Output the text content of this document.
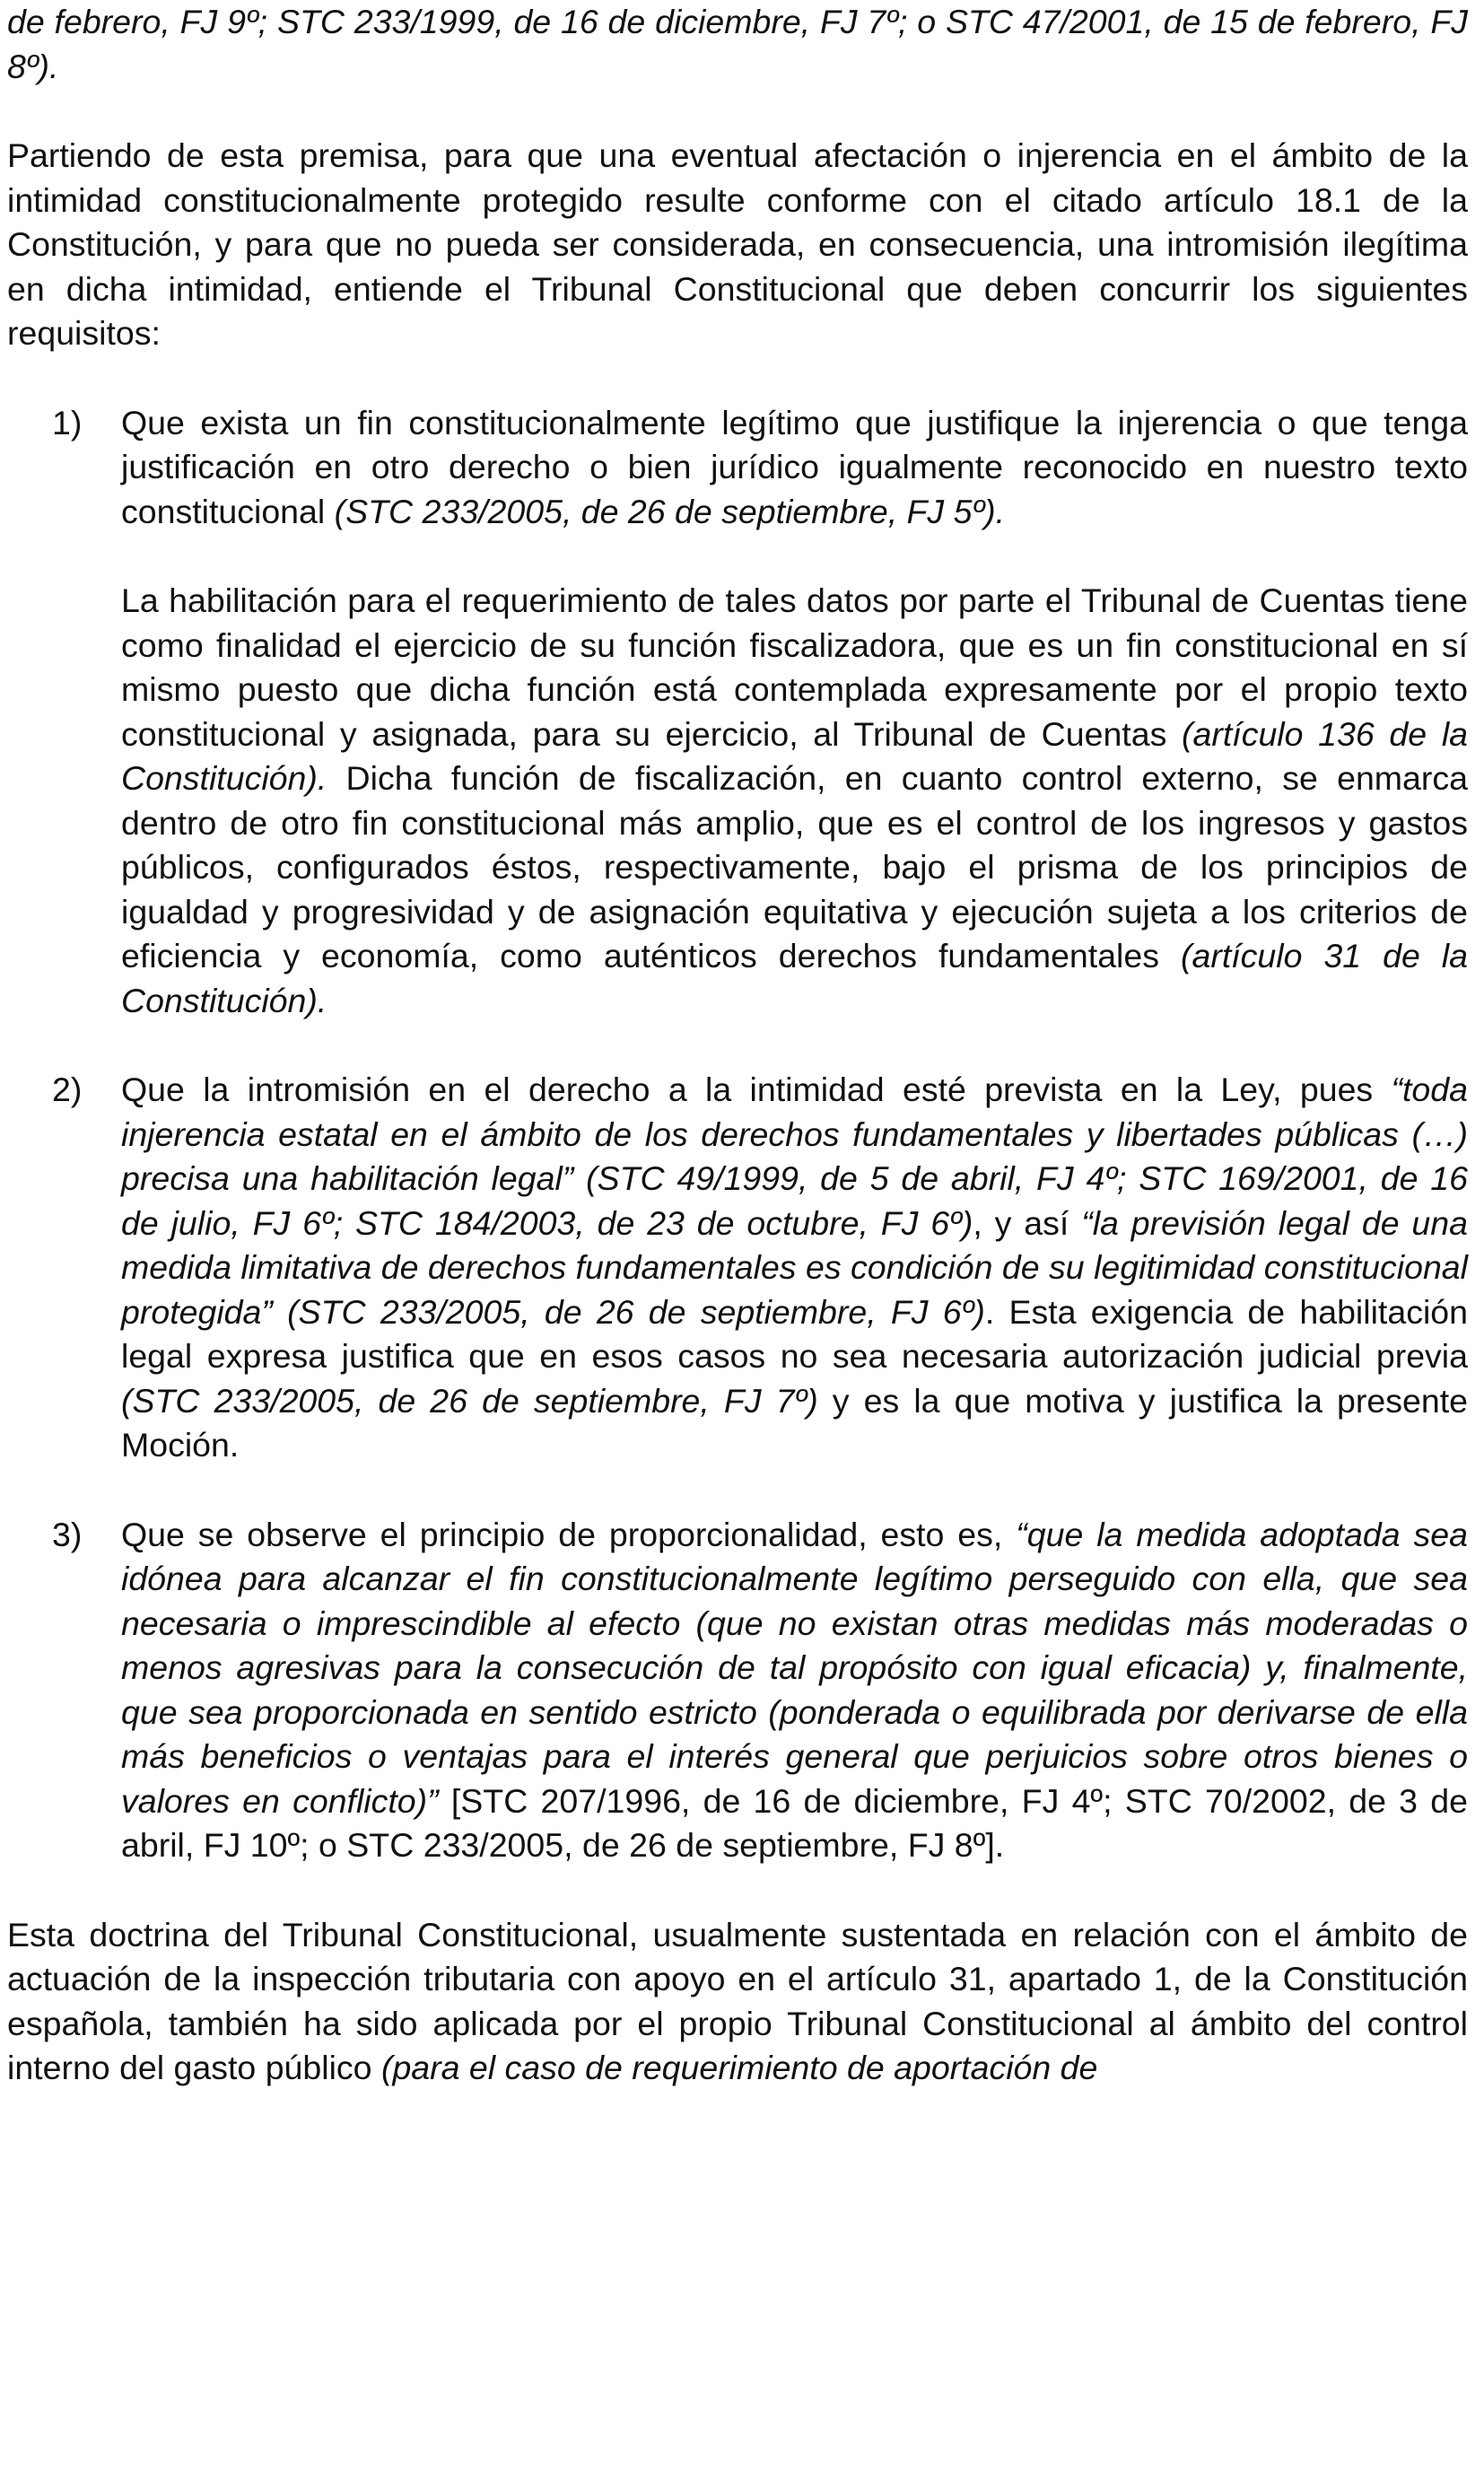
de febrero, FJ 9º; STC 233/1999, de 16 de diciembre, FJ 7º; o STC 47/2001, de 15 de febrero, FJ 8º).

Partiendo de esta premisa, para que una eventual afectación o injerencia en el ámbito de la intimidad constitucionalmente protegido resulte conforme con el citado artículo 18.1 de la Constitución, y para que no pueda ser considerada, en consecuencia, una intromisión ilegítima en dicha intimidad, entiende el Tribunal Constitucional que deben concurrir los siguientes requisitos:

1) Que exista un fin constitucionalmente legítimo que justifique la injerencia o que tenga justificación en otro derecho o bien jurídico igualmente reconocido en nuestro texto constitucional (STC 233/2005, de 26 de septiembre, FJ 5º).

La habilitación para el requerimiento de tales datos por parte el Tribunal de Cuentas tiene como finalidad el ejercicio de su función fiscalizadora, que es un fin constitucional en sí mismo puesto que dicha función está contemplada expresamente por el propio texto constitucional y asignada, para su ejercicio, al Tribunal de Cuentas (artículo 136 de la Constitución). Dicha función de fiscalización, en cuanto control externo, se enmarca dentro de otro fin constitucional más amplio, que es el control de los ingresos y gastos públicos, configurados éstos, respectivamente, bajo el prisma de los principios de igualdad y progresividad y de asignación equitativa y ejecución sujeta a los criterios de eficiencia y economía, como auténticos derechos fundamentales (artículo 31 de la Constitución).

2) Que la intromisión en el derecho a la intimidad esté prevista en la Ley, pues “toda injerencia estatal en el ámbito de los derechos fundamentales y libertades públicas (…) precisa una habilitación legal” (STC 49/1999, de 5 de abril, FJ 4º; STC 169/2001, de 16 de julio, FJ 6º; STC 184/2003, de 23 de octubre, FJ 6º), y así “la previsión legal de una medida limitativa de derechos fundamentales es condición de su legitimidad constitucional protegida” (STC 233/2005, de 26 de septiembre, FJ 6º). Esta exigencia de habilitación legal expresa justifica que en esos casos no sea necesaria autorización judicial previa (STC 233/2005, de 26 de septiembre, FJ 7º) y es la que motiva y justifica la presente Moción.

3) Que se observe el principio de proporcionalidad, esto es, “que la medida adoptada sea idónea para alcanzar el fin constitucionalmente legítimo perseguido con ella, que sea necesaria o imprescindible al efecto (que no existan otras medidas más moderadas o menos agresivas para la consecución de tal propósito con igual eficacia) y, finalmente, que sea proporcionada en sentido estricto (ponderada o equilibrada por derivarse de ella más beneficios o ventajas para el interés general que perjuicios sobre otros bienes o valores en conflicto)” [STC 207/1996, de 16 de diciembre, FJ 4º; STC 70/2002, de 3 de abril, FJ 10º; o STC 233/2005, de 26 de septiembre, FJ 8º].

Esta doctrina del Tribunal Constitucional, usualmente sustentada en relación con el ámbito de actuación de la inspección tributaria con apoyo en el artículo 31, apartado 1, de la Constitución española, también ha sido aplicada por el propio Tribunal Constitucional al ámbito del control interno del gasto público (para el caso de requerimiento de aportación de
